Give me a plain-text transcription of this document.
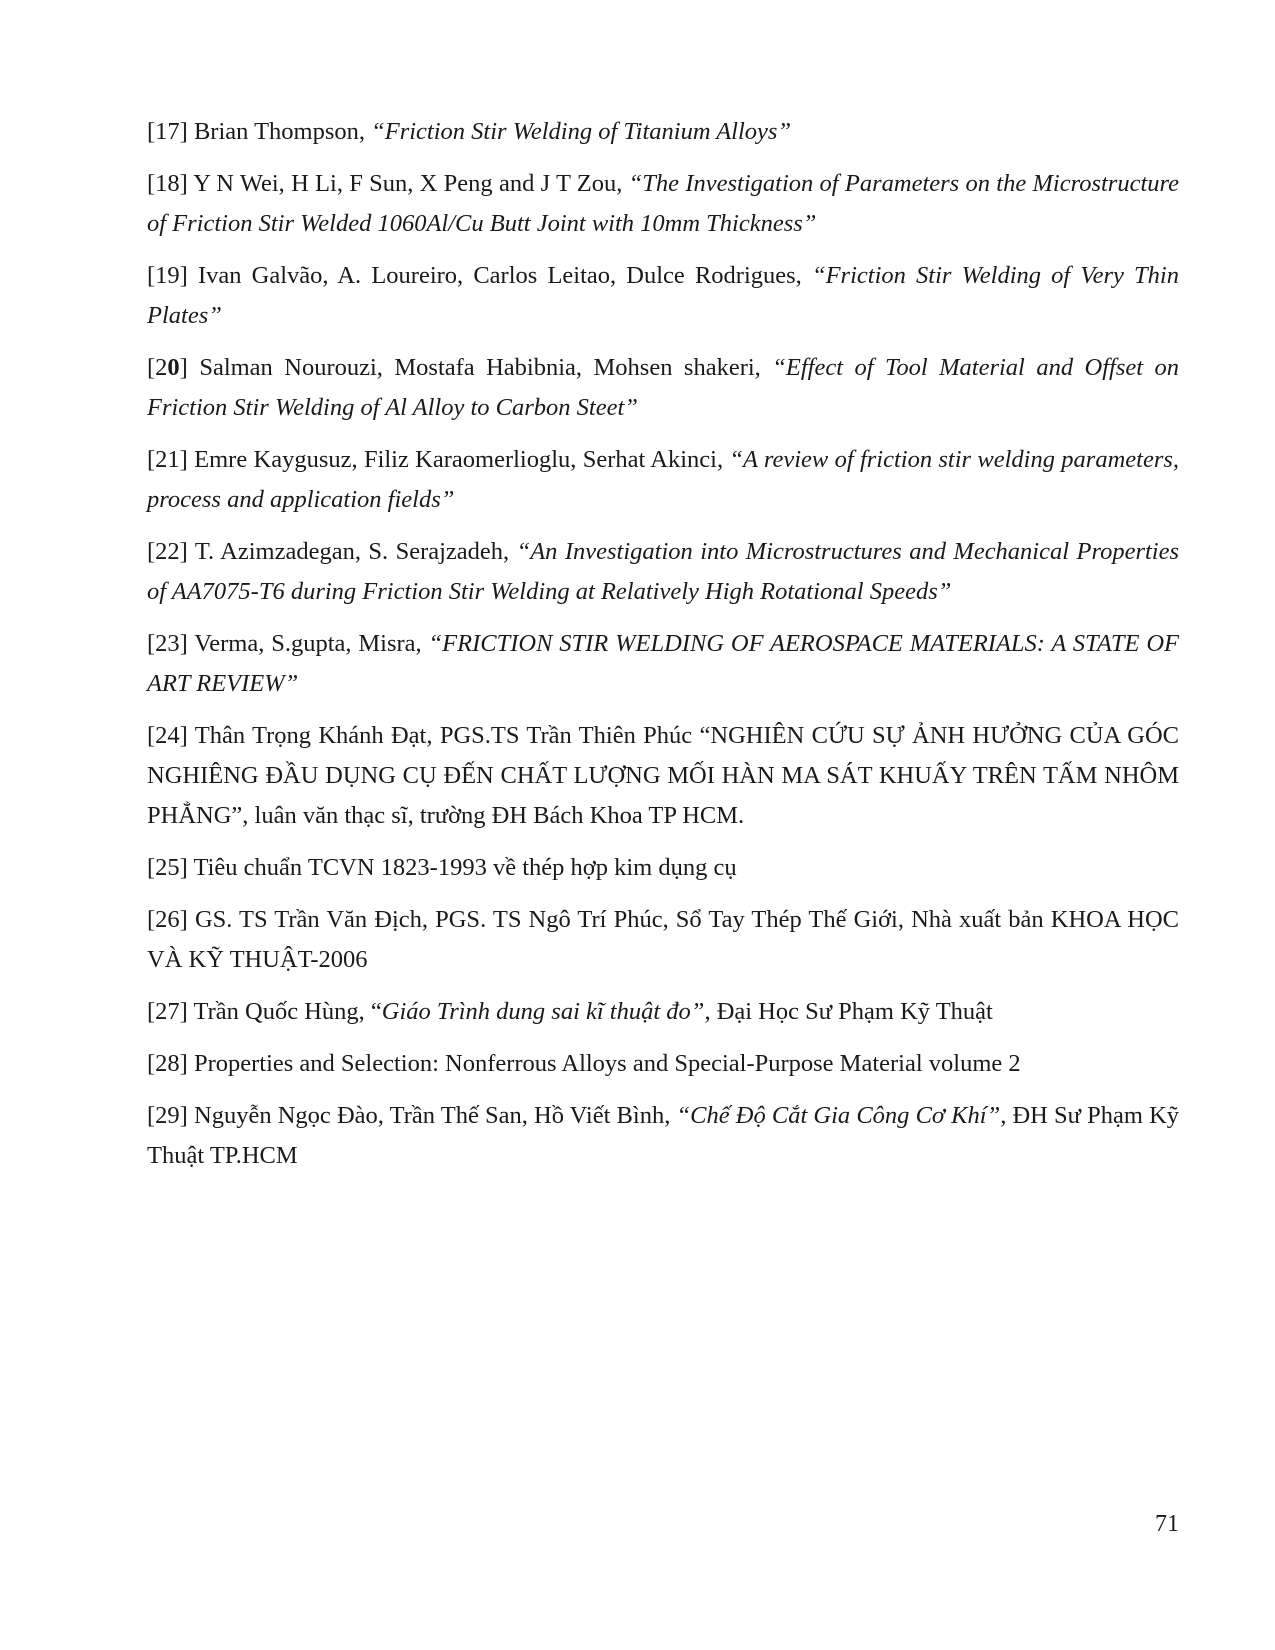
[17] Brian Thompson, “Friction Stir Welding of Titanium Alloys”

[18] Y N Wei, H Li, F Sun, X Peng and J T Zou, “The Investigation of Parameters on the Microstructure of Friction Stir Welded 1060Al/Cu Butt Joint with 10mm Thickness”

[19] Ivan Galvão, A. Loureiro, Carlos Leitao, Dulce Rodrigues, “Friction Stir Welding of Very Thin Plates”

[20] Salman Nourouzi, Mostafa Habibnia, Mohsen shakeri, “Effect of Tool Material and Offset on Friction Stir Welding of Al Alloy to Carbon Steet”

[21] Emre Kaygusuz, Filiz Karaomerlioglu, Serhat Akinci, “A review of friction stir welding parameters, process and application fields”

[22] T. Azimzadegan, S. Serajzadeh, “An Investigation into Microstructures and Mechanical Properties of AA7075-T6 during Friction Stir Welding at Relatively High Rotational Speeds”

[23] Verma, S.gupta, Misra, “FRICTION STIR WELDING OF AEROSPACE MATERIALS: A STATE OF ART REVIEW”

[24] Thân Trọng Khánh Đạt, PGS.TS Trần Thiên Phúc “NGHIÊN CỨU SỰ ẢNH HƯỞNG CỦA GÓC NGHIÊNG ĐẦU DỤNG CỤ ĐẾN CHẤT LƯỢNG MỐI HÀN MA SÁT KHUẤY TRÊN TẤM NHÔM PHẲNG”, luân văn thạc sĩ, trường ĐH Bách Khoa TP HCM.

[25] Tiêu chuẩn TCVN 1823-1993 về thép hợp kim dụng cụ

[26] GS. TS Trần Văn Địch, PGS. TS Ngô Trí Phúc, Sổ Tay Thép Thế Giới, Nhà xuất bản KHOA HỌC VÀ KỸ THUẬT-2006

[27] Trần Quốc Hùng, “Giáo Trình dung sai kĩ thuật đo”, Đại Học Sư Phạm Kỹ Thuật

[28] Properties and Selection: Nonferrous Alloys and Special-Purpose Material volume 2

[29] Nguyễn Ngọc Đào, Trần Thế San, Hồ Viết Bình, “Chế Độ Cắt Gia Công Cơ Khí”, ĐH Sư Phạm Kỹ Thuật TP.HCM

71
